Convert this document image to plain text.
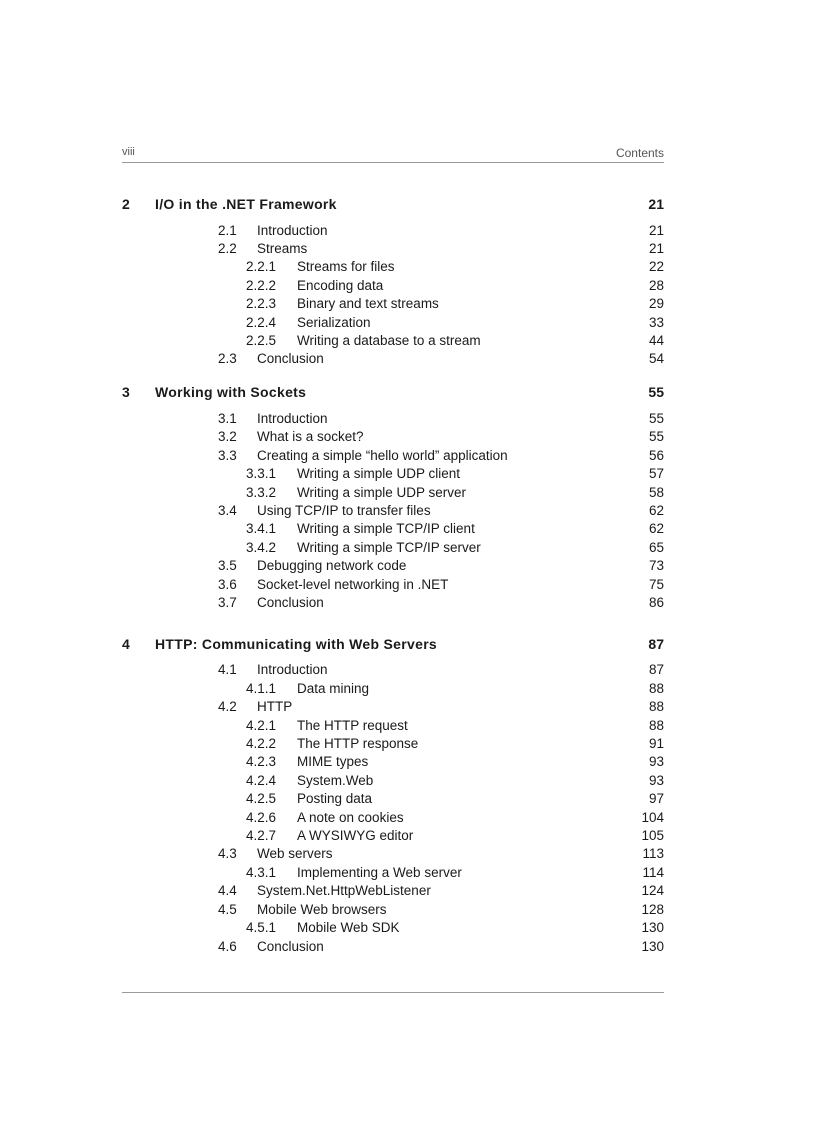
viii	Contents
2 I/O in the .NET Framework	21
2.1 Introduction	21
2.2 Streams	21
2.2.1 Streams for files	22
2.2.2 Encoding data	28
2.2.3 Binary and text streams	29
2.2.4 Serialization	33
2.2.5 Writing a database to a stream	44
2.3 Conclusion	54
3 Working with Sockets	55
3.1 Introduction	55
3.2 What is a socket?	55
3.3 Creating a simple “hello world” application	56
3.3.1 Writing a simple UDP client	57
3.3.2 Writing a simple UDP server	58
3.4 Using TCP/IP to transfer files	62
3.4.1 Writing a simple TCP/IP client	62
3.4.2 Writing a simple TCP/IP server	65
3.5 Debugging network code	73
3.6 Socket-level networking in .NET	75
3.7 Conclusion	86
4 HTTP: Communicating with Web Servers	87
4.1 Introduction	87
4.1.1 Data mining	88
4.2 HTTP	88
4.2.1 The HTTP request	88
4.2.2 The HTTP response	91
4.2.3 MIME types	93
4.2.4 System.Web	93
4.2.5 Posting data	97
4.2.6 A note on cookies	104
4.2.7 A WYSIWYG editor	105
4.3 Web servers	113
4.3.1 Implementing a Web server	114
4.4 System.Net.HttpWebListener	124
4.5 Mobile Web browsers	128
4.5.1 Mobile Web SDK	130
4.6 Conclusion	130
